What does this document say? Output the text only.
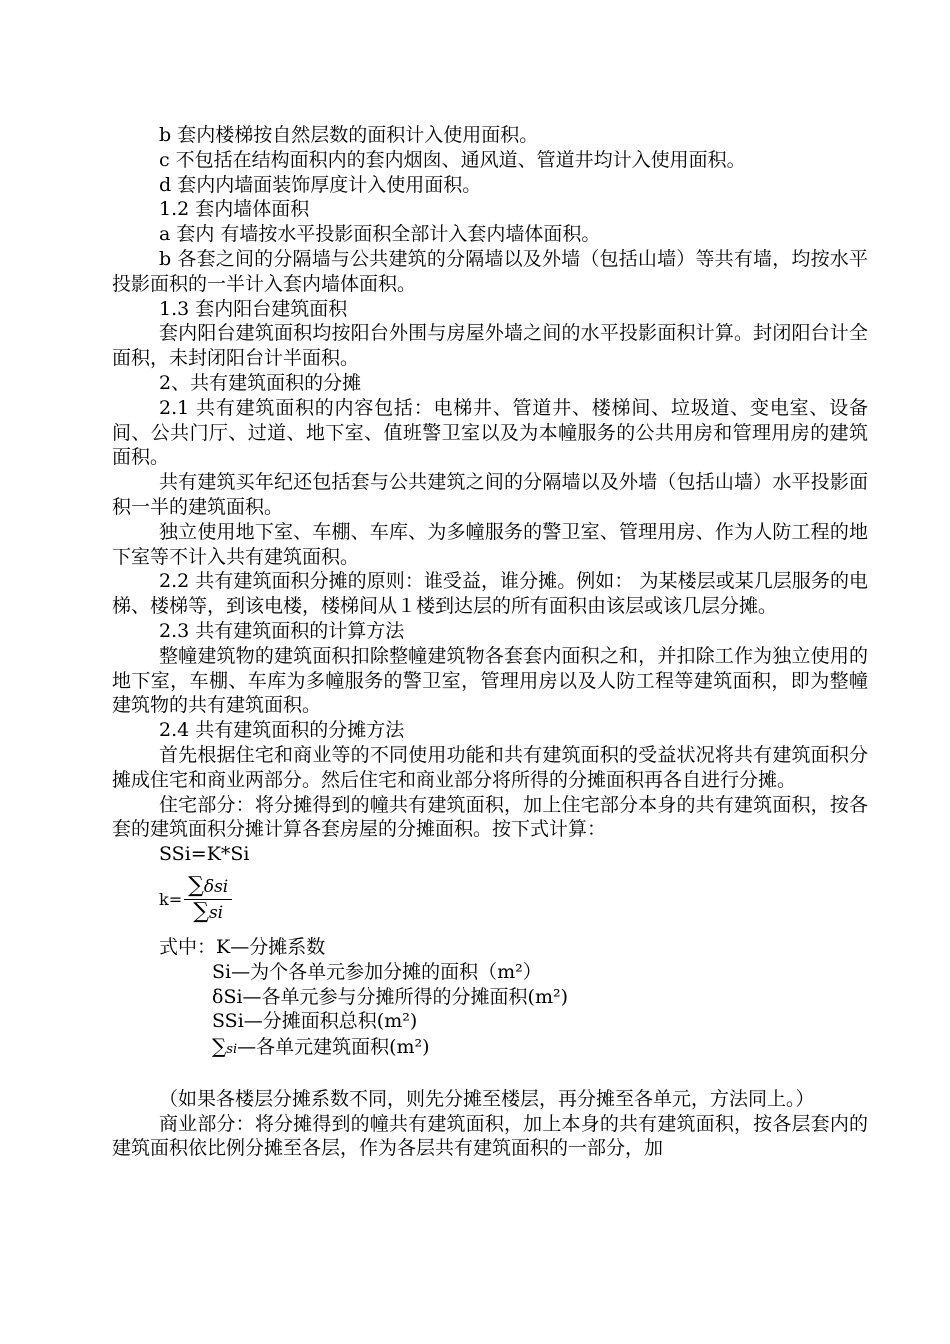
b 套内楼梯按自然层数的面积计入使用面积。

c 不包括在结构面积内的套内烟囱、通风道、管道井均计入使用面积。

d 套内内墙面装饰厚度计入使用面积。

1.2 套内墙体面积

a 套内 有墙按水平投影面积全部计入套内墙体面积。

b 各套之间的分隔墙与公共建筑的分隔墙以及外墙（包括山墙）等共有墙，均按水平投影面积的一半计入套内墙体面积。

1.3 套内阳台建筑面积

套内阳台建筑面积均按阳台外围与房屋外墙之间的水平投影面积计算。封闭阳台计全面积，未封闭阳台计半面积。

2、共有建筑面积的分摊

2.1 共有建筑面积的内容包括：电梯井、管道井、楼梯间、垃圾道、变电室、设备间、公共门厅、过道、地下室、值班警卫室以及为本幢服务的公共用房和管理用房的建筑面积。

共有建筑买年纪还包括套与公共建筑之间的分隔墙以及外墙（包括山墙）水平投影面积一半的建筑面积。

独立使用地下室、车棚、车库、为多幢服务的警卫室、管理用房、作为人防工程的地下室等不计入共有建筑面积。

2.2 共有建筑面积分摊的原则：谁受益，谁分摊。例如： 为某楼层或某几层服务的电梯、楼梯等，到该电楼，楼梯间从１楼到达层的所有面积由该层或该几层分摊。

2.3 共有建筑面积的计算方法

整幢建筑物的建筑面积扣除整幢建筑物各套套内面积之和，并扣除工作为独立使用的地下室，车棚、车库为多幢服务的警卫室，管理用房以及人防工程等建筑面积，即为整幢建筑物的共有建筑面积。

2.4 共有建筑面积的分摊方法

首先根据住宅和商业等的不同使用功能和共有建筑面积的受益状况将共有建筑面积分摊成住宅和商业两部分。然后住宅和商业部分将所得的分摊面积再各自进行分摊。

住宅部分：将分摊得到的幢共有建筑面积，加上住宅部分本身的共有建筑面积，按各套的建筑面积分摊计算各套房屋的分摊面积。按下式计算：

SSi=K*Si
$k= \frac{\text{∑δsi}}{\sum si}$
式中：K—分摊系数
Si—为个各单元参加分摊的面积（m²）
δSi—各单元参与分摊所得的分摊面积(m²)
SSi—分摊面积总积(m²)
∑si—各单元建筑面积(m²)

（如果各楼层分摊系数不同，则先分摊至楼层，再分摊至各单元，方法同上。）

商业部分：将分摊得到的幢共有建筑面积，加上本身的共有建筑面积，按各层套内的建筑面积依比例分摊至各层，作为各层共有建筑面积的一部分，加
